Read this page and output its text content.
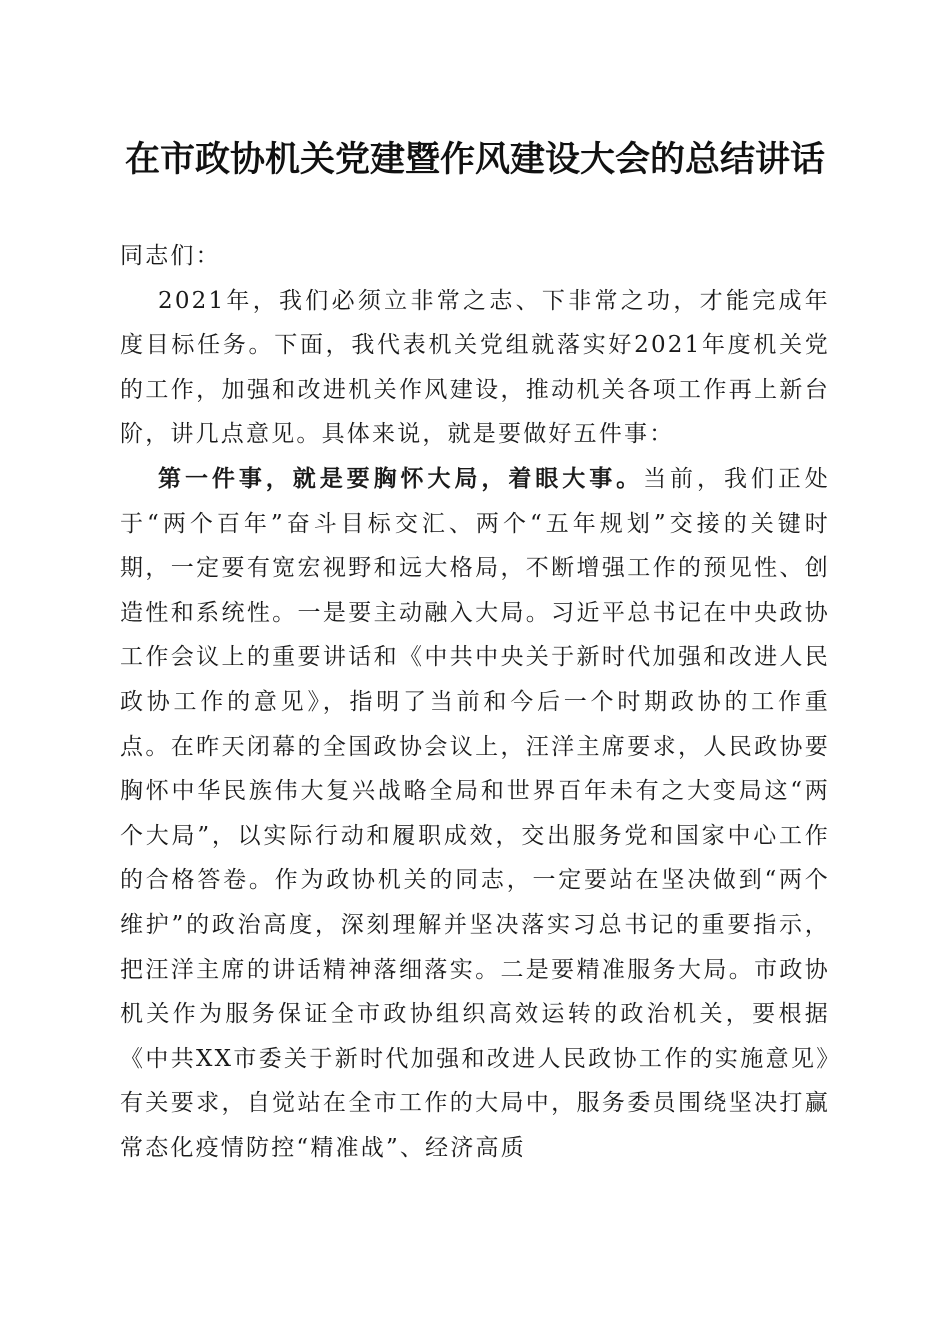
在市政协机关党建暨作风建设大会的总结讲话

同志们：

2021年，我们必须立非常之志、下非常之功，才能完成年度目标任务。下面，我代表机关党组就落实好2021年度机关党的工作，加强和改进机关作风建设，推动机关各项工作再上新台阶，讲几点意见。具体来说，就是要做好五件事：

第一件事，就是要胸怀大局，着眼大事。当前，我们正处于“两个百年”奋斗目标交汇、两个“五年规划”交接的关键时期，一定要有宽宏视野和远大格局，不断增强工作的预见性、创造性和系统性。一是要主动融入大局。习近平总书记在中央政协工作会议上的重要讲话和《中共中央关于新时代加强和改进人民政协工作的意见》，指明了当前和今后一个时期政协的工作重点。在昨天闭幕的全国政协会议上，汪洋主席要求，人民政协要胸怀中华民族伟大复兴战略全局和世界百年未有之大变局这“两个大局”，以实际行动和履职成效，交出服务党和国家中心工作的合格答卷。作为政协机关的同志，一定要站在坚决做到“两个维护”的政治高度，深刻理解并坚决落实习总书记的重要指示，把汪洋主席的讲话精神落细落实。二是要精准服务大局。市政协机关作为服务保证全市政协组织高效运转的政治机关，要根据《中共XX市委关于新时代加强和改进人民政协工作的实施意见》有关要求，自觉站在全市工作的大局中，服务委员围绕坚决打赢常态化疫情防控“精准战”、经济高质
